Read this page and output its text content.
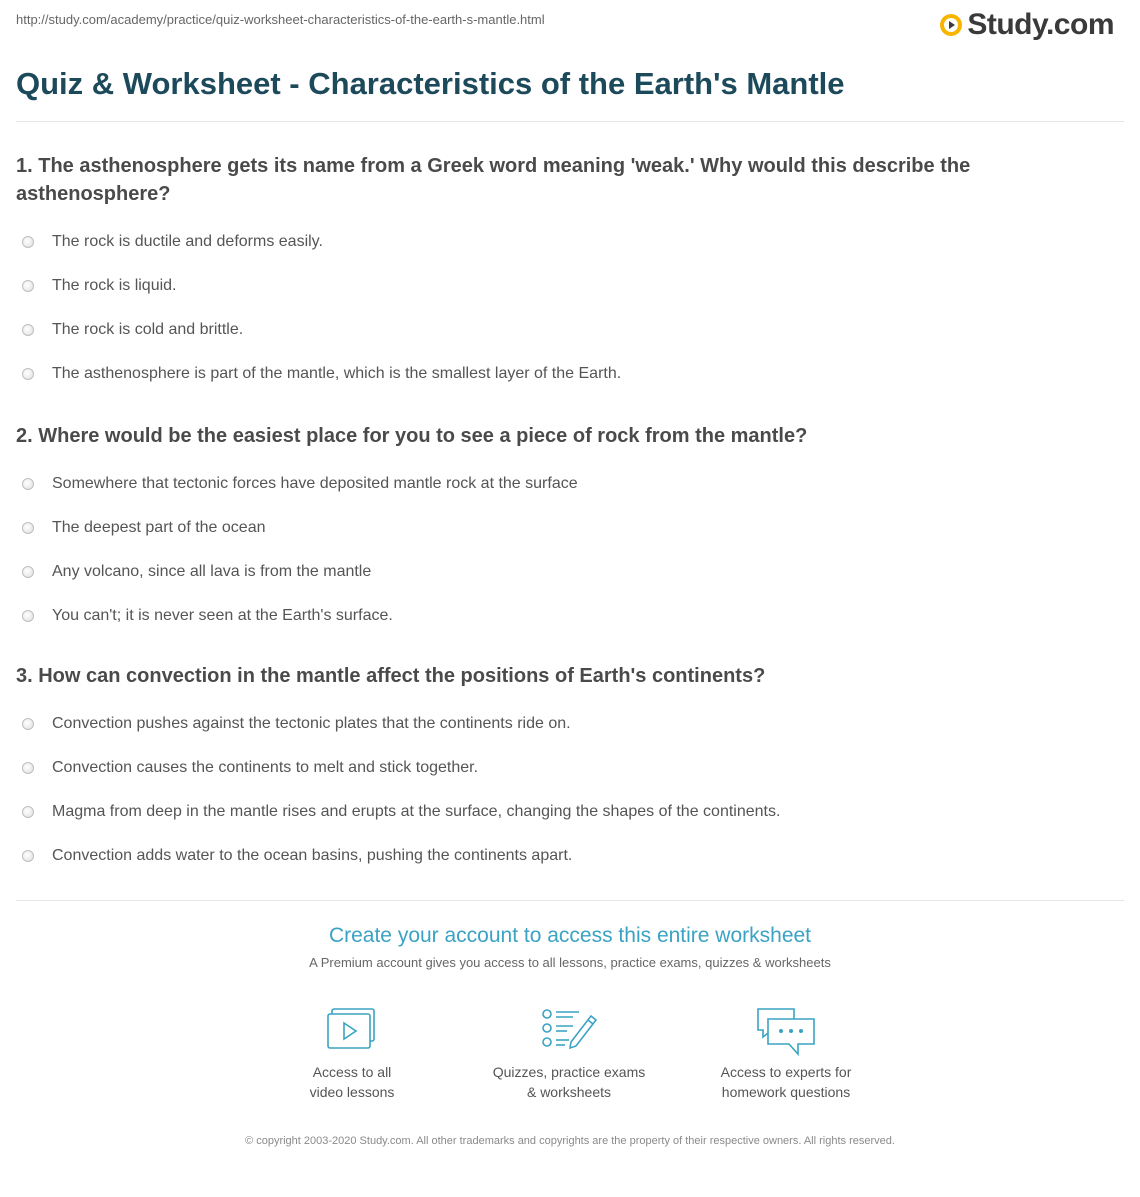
http://study.com/academy/practice/quiz-worksheet-characteristics-of-the-earth-s-mantle.html	Study.com
Quiz & Worksheet - Characteristics of the Earth's Mantle

1. The asthenosphere gets its name from a Greek word meaning 'weak.' Why would this describe the asthenosphere?

The rock is ductile and deforms easily.
The rock is liquid.
The rock is cold and brittle.
The asthenosphere is part of the mantle, which is the smallest layer of the Earth.

2. Where would be the easiest place for you to see a piece of rock from the mantle?

Somewhere that tectonic forces have deposited mantle rock at the surface
The deepest part of the ocean
Any volcano, since all lava is from the mantle
You can't; it is never seen at the Earth's surface.

3. How can convection in the mantle affect the positions of Earth's continents?

Convection pushes against the tectonic plates that the continents ride on.
Convection causes the continents to melt and stick together.
Magma from deep in the mantle rises and erupts at the surface, changing the shapes of the continents.
Convection adds water to the ocean basins, pushing the continents apart.
Create your account to access this entire worksheet
A Premium account gives you access to all lessons, practice exams, quizzes & worksheets
Access to all
video lessons
Quizzes, practice exams
& worksheets
Access to experts for
homework questions
© copyright 2003-2020 Study.com. All other trademarks and copyrights are the property of their respective owners. All rights reserved.
